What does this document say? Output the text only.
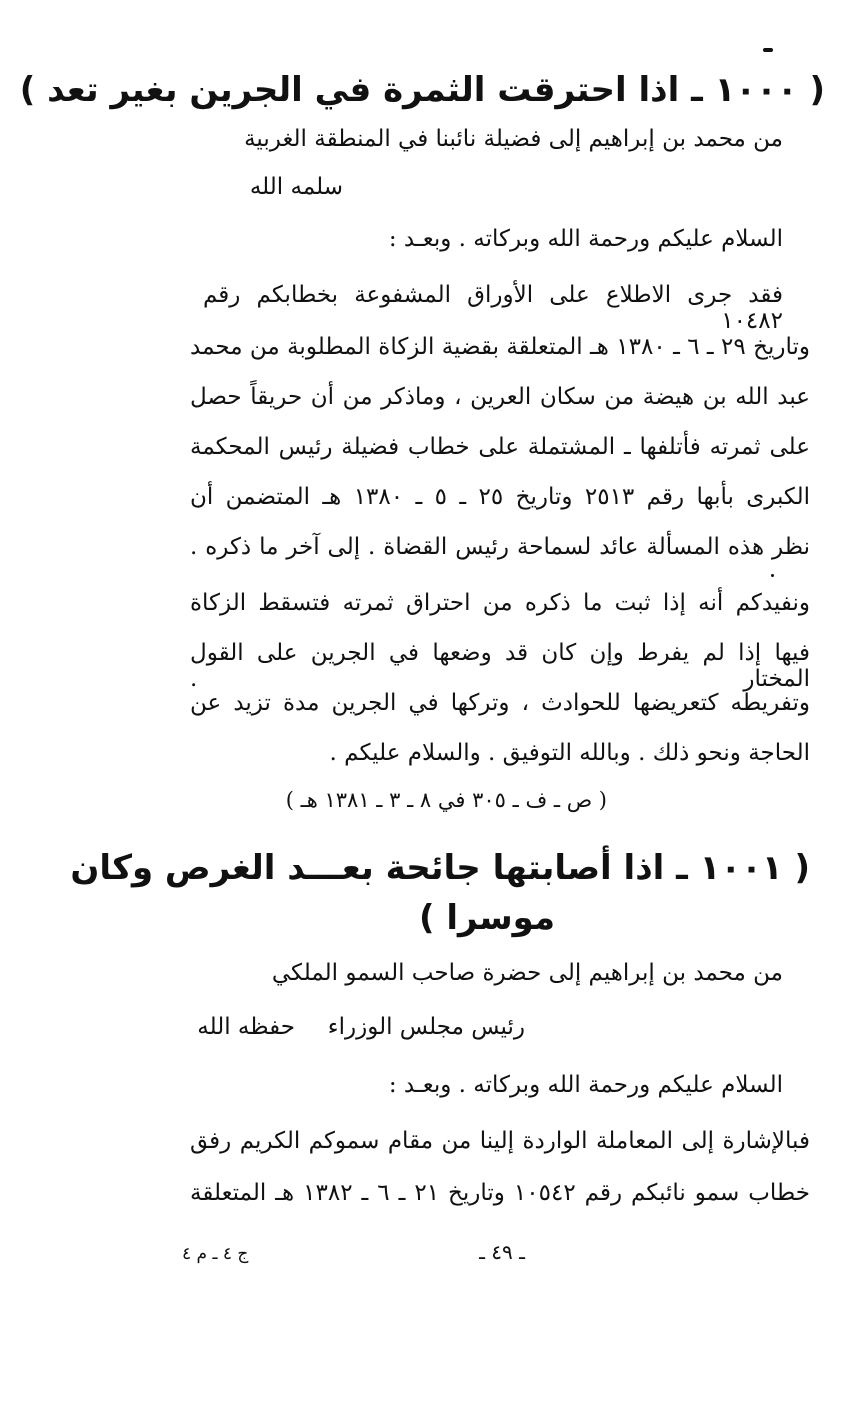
( ١٠٠٠ ـ اذا احترقت الثمرة في الجرين بغير تعد )
من محمد بن إبراهيم إلى فضيلة نائبنا في المنطقة الغربية
سلمه الله
السلام عليكم ورحمة الله وبركاته . وبعـد :
فقد جرى الاطلاع على الأوراق المشفوعة بخطابكم رقم ١٠٤٨٢
وتاريخ ٢٩ ـ ٦ ـ ١٣٨٠ هـ المتعلقة بقضية الزكاة المطلوبة من محمد
عبد الله بن هيضة من سكان العرين ، وماذكر من أن حريقاً حصل
على ثمرته فأتلفها ـ المشتملة على خطاب فضيلة رئيس المحكمة
الكبرى بأبها رقم ٢٥١٣ وتاريخ ٢٥ ـ ٥ ـ ١٣٨٠ هـ المتضمن أن
نظر هذه المسألة عائد لسماحة رئيس القضاة . إلى آخر ما ذكره .
ونفيدكم أنه إذا ثبت ما ذكره من احتراق ثمرته فتسقط الزكاة
فيها إذا لم يفرط وإن كان قد وضعها في الجرين على القول المختار .
وتفريطه كتعريضها للحوادث ، وتركها في الجرين مدة تزيد عن
الحاجة ونحو ذلك . وبالله التوفيق . والسلام عليكم .
( ص ـ ف ـ ٣٠٥ في ٨ ـ ٣ ـ ١٣٨١ هـ )
( ١٠٠١ ـ اذا أصابتها جائحة بعـــد الغرص وكان
موسرا )
من محمد بن إبراهيم إلى حضرة صاحب السمو الملكي
رئيس مجلس الوزراء
حفظه الله
السلام عليكم ورحمة الله وبركاته . وبعـد :
فبالإشارة إلى المعاملة الواردة إلينا من مقام سموكم الكريم رفق
خطاب سمو نائبكم رقم ١٠٥٤٢ وتاريخ ٢١ ـ ٦ ـ ١٣٨٢ هـ المتعلقة
ـ ٤٩ ـ
ج ٤ ـ م ٤
